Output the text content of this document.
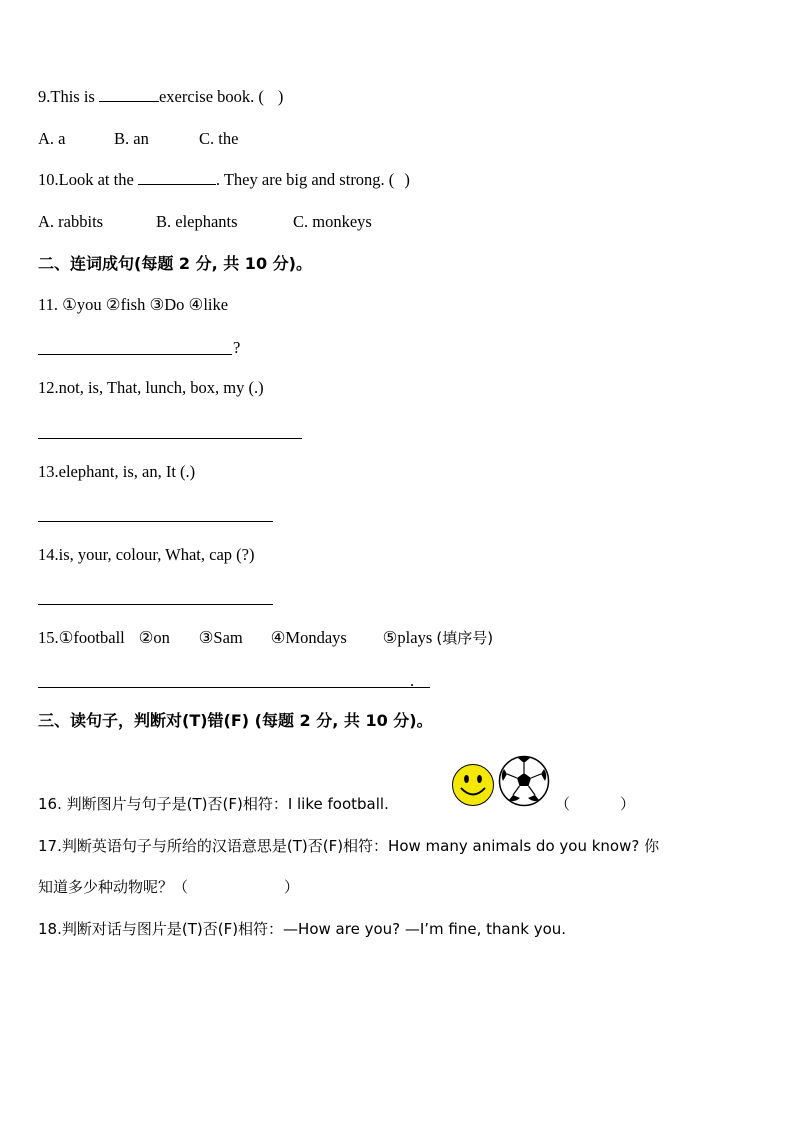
9.This is	exercise book. ( )
A. a	B. an	C. the
10.Look at the	. They are big and strong. ( )
A. rabbits	B. elephants	C. monkeys
二、连词成句(每题 2 分, 共 10 分)。
11. ①you ②fish ③Do ④like
?
12.not, is, That, lunch, box, my (.)
13.elephant, is, an, It (.)
14.is, your, colour, What, cap (?)
15.①football ②on ③Sam ④Mondays ⑤plays (填序号)
.
三、读句子，判断对(T)错(F) (每题 2 分, 共 10 分)。
16. 判断图片与句子是(T)否(F)相符：I like football.	（	）
17.判断英语句子与所给的汉语意思是(T)否(F)相符：How many animals do you know? 你
知道多少种动物呢？（	）
18.判断对话与图片是(T)否(F)相符：—How are you? —I’m fine, thank you.
